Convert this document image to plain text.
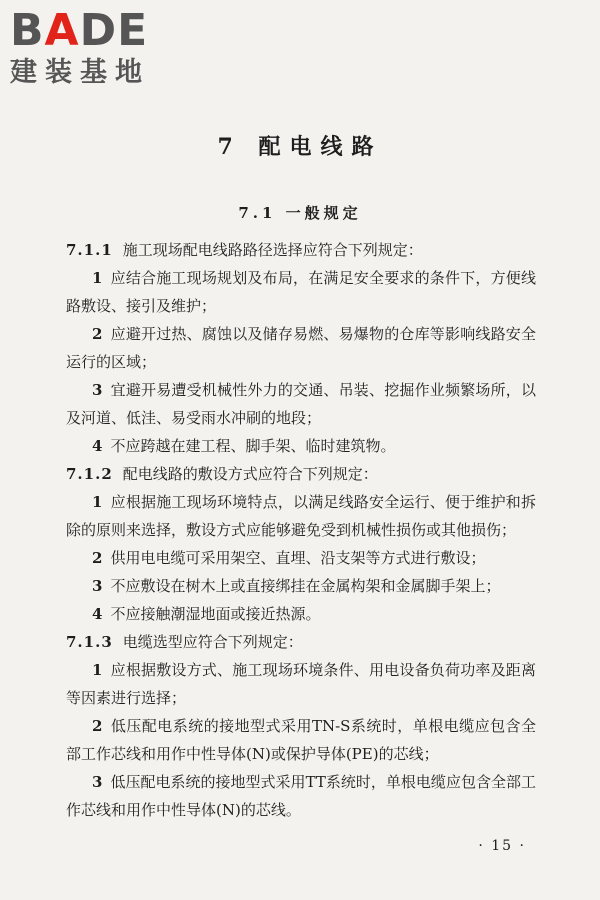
BADE
建装基地
7 配电线路
7.1 一般规定

7.1.1 施工现场配电线路路径选择应符合下列规定：

1 应结合施工现场规划及布局，在满足安全要求的条件下，方便线路敷设、接引及维护；

2 应避开过热、腐蚀以及储存易燃、易爆物的仓库等影响线路安全运行的区域；

3 宜避开易遭受机械性外力的交通、吊装、挖掘作业频繁场所，以及河道、低洼、易受雨水冲刷的地段；

4 不应跨越在建工程、脚手架、临时建筑物。

7.1.2 配电线路的敷设方式应符合下列规定：

1 应根据施工现场环境特点，以满足线路安全运行、便于维护和拆除的原则来选择，敷设方式应能够避免受到机械性损伤或其他损伤；

2 供用电电缆可采用架空、直埋、沿支架等方式进行敷设；

3 不应敷设在树木上或直接绑挂在金属构架和金属脚手架上；

4 不应接触潮湿地面或接近热源。

7.1.3 电缆选型应符合下列规定：

1 应根据敷设方式、施工现场环境条件、用电设备负荷功率及距离等因素进行选择；

2 低压配电系统的接地型式采用TN-S系统时，单根电缆应包含全部工作芯线和用作中性导体(N)或保护导体(PE)的芯线；

3 低压配电系统的接地型式采用TT系统时，单根电缆应包含全部工作芯线和用作中性导体(N)的芯线。

· 15 ·
